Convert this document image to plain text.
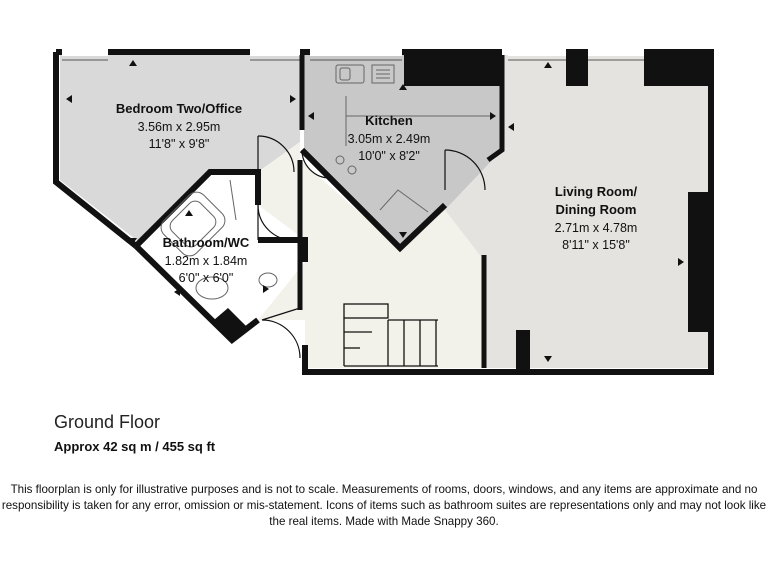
Bedroom Two/Office
3.56m x 2.95m
11'8" x 9'8"
Kitchen
3.05m x 2.49m
10'0" x 8'2"
Living Room/
Dining Room
2.71m x 4.78m
8'11" x 15'8"
Bathroom/WC
1.82m x 1.84m
6'0" x 6'0"
Ground Floor
Approx 42 sq m / 455 sq ft
This floorplan is only for illustrative purposes and is not to scale. Measurements of rooms, doors, windows, and any items are approximate and no responsibility is taken for any error, omission or mis-statement. Icons of items such as bathroom suites are representations only and may not look like the real items. Made with Made Snappy 360.
